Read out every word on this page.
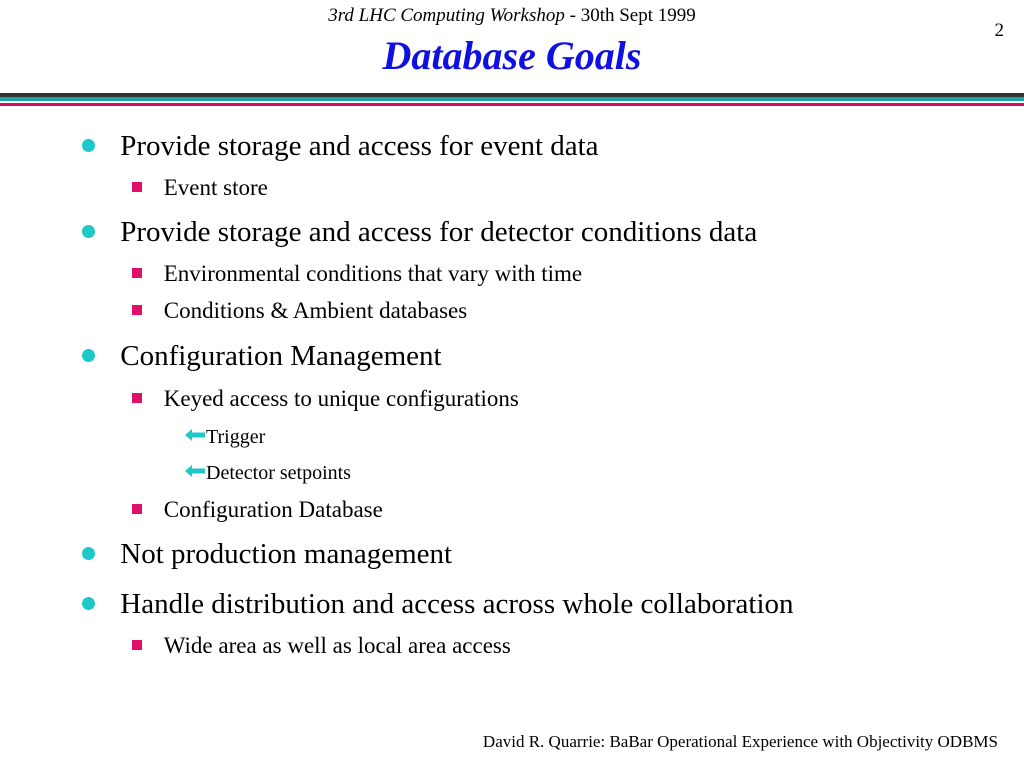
3rd LHC Computing Workshop - 30th Sept 1999
2
Database Goals
Provide storage and access for event data
Event store
Provide storage and access for detector conditions data
Environmental conditions that vary with time
Conditions & Ambient databases
Configuration Management
Keyed access to unique configurations
Trigger
Detector setpoints
Configuration Database
Not production management
Handle distribution and access across whole collaboration
Wide area as well as local area access
David R. Quarrie: BaBar Operational Experience with Objectivity ODBMS
